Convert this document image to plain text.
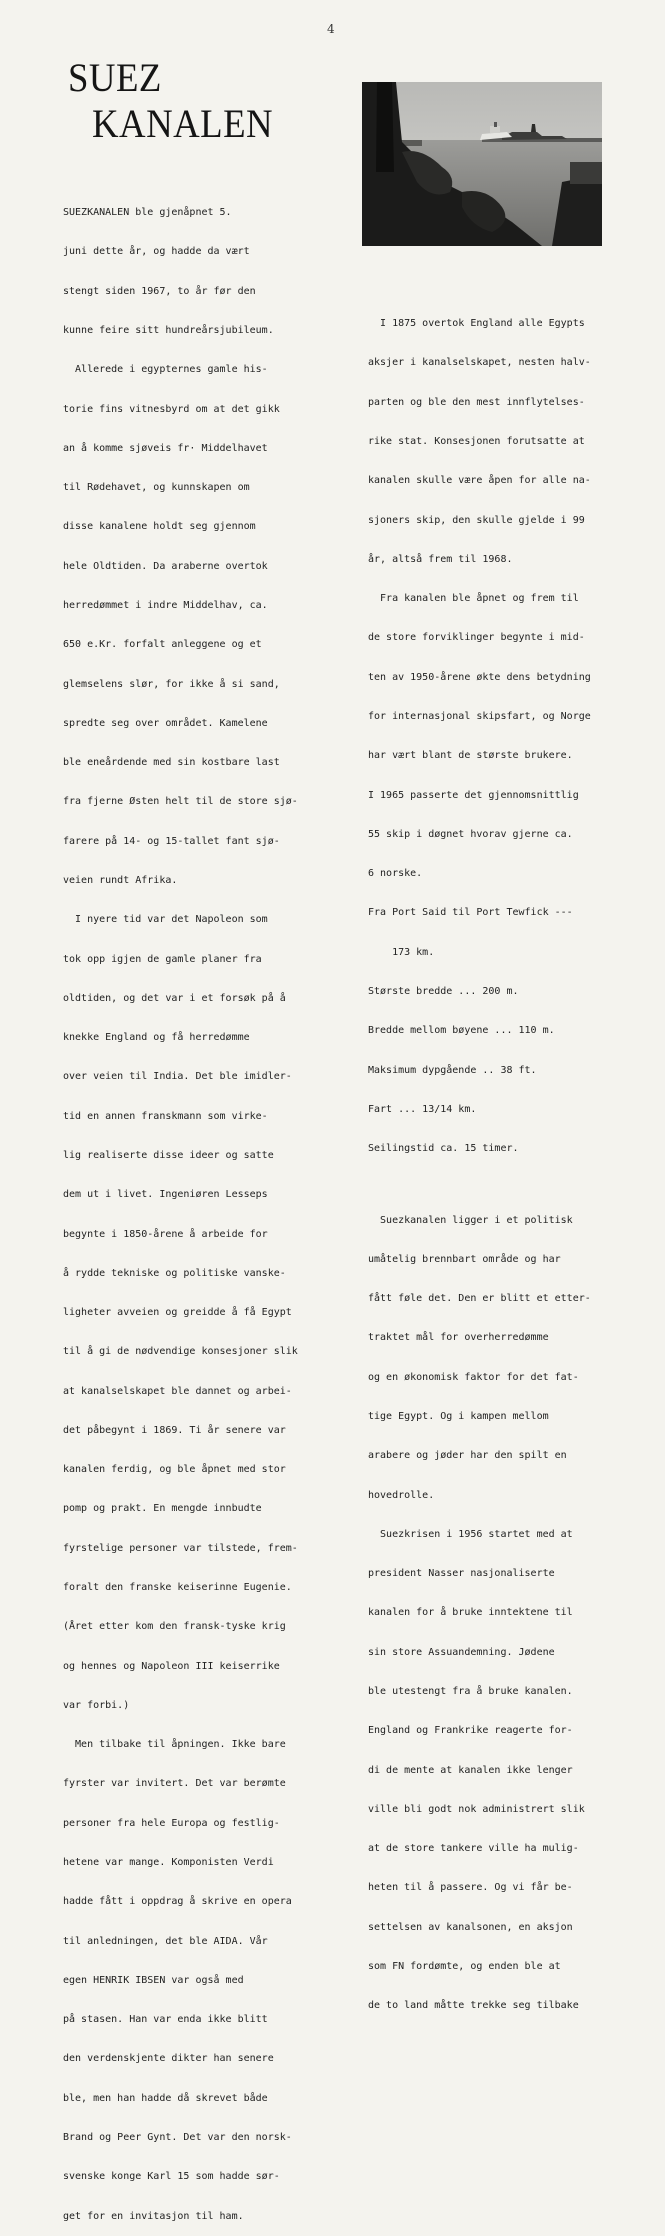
4
SUEZ
KANALEN

SUEZKANALEN ble gjenåpnet 5.

juni dette år, og hadde da vært

stengt siden 1967, to år før den

kunne feire sitt hundreårsjubileum.

Allerede i egypternes gamle his-

torie fins vitnesbyrd om at det gikk

an å komme sjøveis fr· Middelhavet

til Rødehavet, og kunnskapen om

disse kanalene holdt seg gjennom

hele Oldtiden. Da araberne overtok

herredømmet i indre Middelhav, ca.

650 e.Kr. forfalt anleggene og et

glemselens slør, for ikke å si sand,

spredte seg over området. Kamelene

ble eneårdende med sin kostbare last

fra fjerne Østen helt til de store sjø-

farere på 14- og 15-tallet fant sjø-

veien rundt Afrika.

I nyere tid var det Napoleon som

tok opp igjen de gamle planer fra

oldtiden, og det var i et forsøk på å

knekke England og få herredømme

over veien til India. Det ble imidler-

tid en annen franskmann som virke-

lig realiserte disse ideer og satte

dem ut i livet. Ingeniøren Lesseps

begynte i 1850-årene å arbeide for

å rydde tekniske og politiske vanske-

ligheter avveien og greidde å få Egypt

til å gi de nødvendige konsesjoner slik

at kanalselskapet ble dannet og arbei-

det påbegynt i 1869. Ti år senere var

kanalen ferdig, og ble åpnet med stor

pomp og prakt. En mengde innbudte

fyrstelige personer var tilstede, frem-

foralt den franske keiserinne Eugenie.

(Året etter kom den fransk-tyske krig

og hennes og Napoleon III keiserrike

var forbi.)

Men tilbake til åpningen. Ikke bare

fyrster var invitert. Det var berømte

personer fra hele Europa og festlig-

hetene var mange. Komponisten Verdi

hadde fått i oppdrag å skrive en opera

til anledningen, det ble AIDA. Vår

egen HENRIK IBSEN var også med

på stasen. Han var enda ikke blitt

den verdenskjente dikter han senere

ble, men han hadde då skrevet både

Brand og Peer Gynt. Det var den norsk-

svenske konge Karl 15 som hadde sør-

get for en invitasjon til ham.

I 1875 overtok England alle Egypts

aksjer i kanalselskapet, nesten halv-

parten og ble den mest innflytelses-

rike stat. Konsesjonen forutsatte at

kanalen skulle være åpen for alle na-

sjoners skip, den skulle gjelde i 99

år, altså frem til 1968.

Fra kanalen ble åpnet og frem til

de store forviklinger begynte i mid-

ten av 1950-årene økte dens betydning

for internasjonal skipsfart, og Norge

har vært blant de største brukere.

I 1965 passerte det gjennomsnittlig

55 skip i døgnet hvorav gjerne ca.

6 norske.

Fra Port Said til Port Tewfick ---

173 km.

Største bredde ... 200 m.

Bredde mellom bøyene ... 110 m.

Maksimum dypgående .. 38 ft.

Fart ... 13/14 km.

Seilingstid ca. 15 timer.

Suezkanalen ligger i et politisk

umåtelig brennbart område og har

fått føle det. Den er blitt et etter-

traktet mål for overherredømme

og en økonomisk faktor for det fat-

tige Egypt. Og i kampen mellom

arabere og jøder har den spilt en

hovedrolle.

Suezkrisen i 1956 startet med at

president Nasser nasjonaliserte

kanalen for å bruke inntektene til

sin store Assuandemning. Jødene

ble utestengt fra å bruke kanalen.

England og Frankrike reagerte for-

di de mente at kanalen ikke lenger

ville bli godt nok administrert slik

at de store tankere ville ha mulig-

heten til å passere. Og vi får be-

settelsen av kanalsonen, en aksjon

som FN fordømte, og enden ble at

de to land måtte trekke seg tilbake
